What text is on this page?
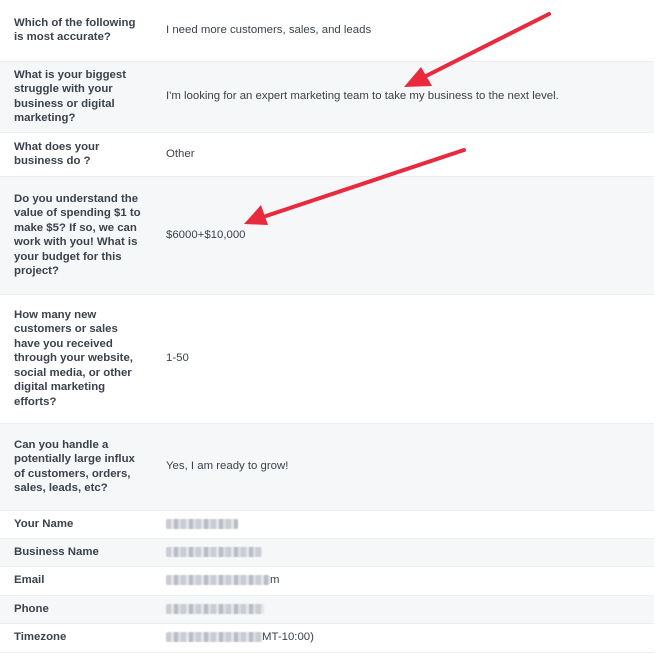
Which of the following is most accurate?	I need more customers, sales, and leads
What is your biggest struggle with your business or digital marketing?	I'm looking for an expert marketing team to take my business to the next level.
What does your business do ?	Other
Do you understand the value of spending $1 to make $5? If so, we can work with you! What is your budget for this project?	$6000+$10,000
How many new customers or sales have you received through your website, social media, or other digital marketing efforts?	1-50
Can you handle a potentially large influx of customers, orders, sales, leads, etc?	Yes, I am ready to grow!
Your Name	
Business Name	
Email	m
Phone	
Timezone	MT-10:00)
